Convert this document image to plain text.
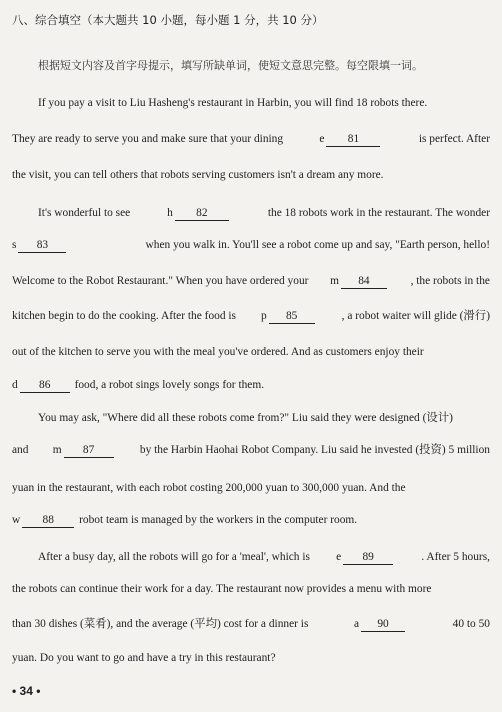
八、综合填空（本大题共 10 小题，每小题 1 分，共 10 分）
根据短文内容及首字母提示，填写所缺单词，使短文意思完整。每空限填一词。
If you pay a visit to Liu Hasheng's restaurant in Harbin, you will find 18 robots there.
They are ready to serve you and make sure that your dining	e 81	is perfect. After
the visit, you can tell others that robots serving customers isn't a dream any more.
It's wonderful to see	h 82	the 18 robots work in the restaurant. The wonder
s 83	when you walk in. You'll see a robot come up and say, "Earth person, hello!
Welcome to the Robot Restaurant." When you have ordered your m 84	, the robots in the
kitchen begin to do the cooking. After the food is p 85	, a robot waiter will glide (滑行)
out of the kitchen to serve you with the meal you've ordered. And as customers enjoy their
d 86 food, a robot sings lovely songs for them.
You may ask, "Where did all these robots come from?" Liu said they were designed (设计)
and m 87	by the Harbin Haohai Robot Company. Liu said he invested (投资) 5 million
yuan in the restaurant, with each robot costing 200,000 yuan to 300,000 yuan. And the
w 88 robot team is managed by the workers in the computer room.
After a busy day, all the robots will go for a 'meal', which is e 89	. After 5 hours,
the robots can continue their work for a day. The restaurant now provides a menu with more
than 30 dishes (菜肴), and the average (平均) cost for a dinner is	a 90	40 to 50
yuan. Do you want to go and have a try in this restaurant?
• 34 •
